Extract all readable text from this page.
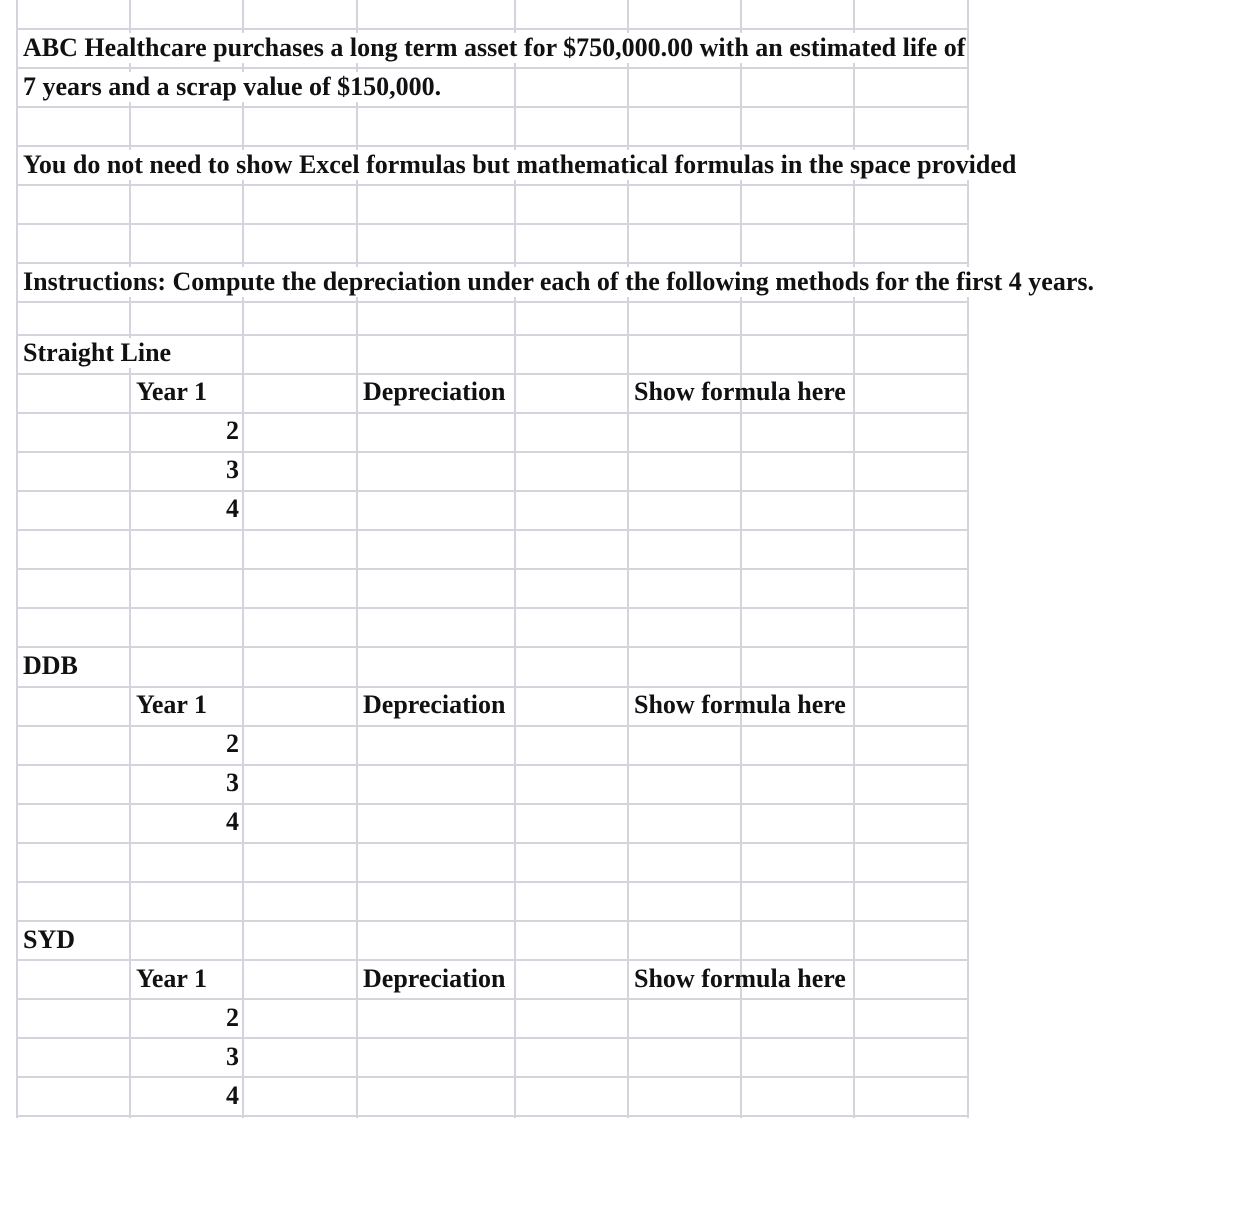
ABC Healthcare purchases a long term asset for $750,000.00 with an estimated life of
7 years and a scrap value of $150,000.
You do not need to show Excel formulas but mathematical formulas in the space provided
Instructions: Compute the depreciation under each of the following methods for the first 4 years.
Straight Line
Year 1	Depreciation	Show formula here
2
3
4
DDB
Year 1	Depreciation	Show formula here
2
3
4
SYD
Year 1	Depreciation	Show formula here
2
3
4
